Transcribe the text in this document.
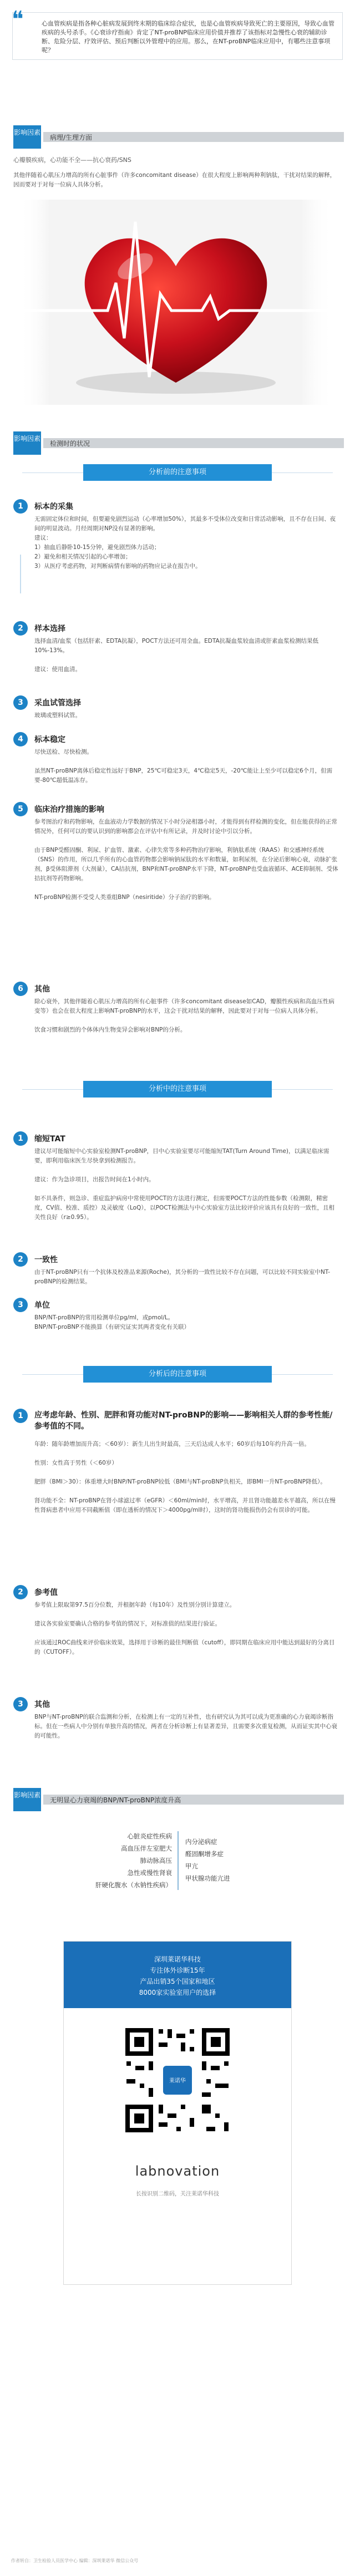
❝	心血管疾病是指各种心脏病发展到终末期的临床综合症状，也是心血管疾病导致死亡的主要原因，导致心血管疾病的头号杀手。《心衰诊疗指南》肯定了NT-proBNP临床应用价值并推荐了该指标对急慢性心衰的辅助诊断、危险分层、疗效评估、预后判断以外管理中的应用。那么，在NT-proBNP临床应用中，有哪些注意事项呢？
影响因素
病理/生理方面
心瓣膜疾病，心功能不全——抗心衰药/SNS
其他伴随着心肌压力增高的所有心脏事件（许多concomitant disease）在很大程度上影响两种利钠肽，干扰对结果的解释，因而要对于对每一位病人具体分析。
影响因素
检测时的状况
分析前的注意事项
1	标本的采集
无需固定体位和时间，但要避免剧烈运动（心率增加50%），其最多不受体位改变和日常活动影响，且不存在日间、夜间的明显波动。月经周期对NP没有显著的影响。
建议：
1）抽血后静卧10-15分钟，避免剧烈体力活动；
2）避免和相关情况引起的心率增加；
3）从医疗考虑药物，对判断病情有影响的药物应记录在报告中。
2	样本选择
选择血清/血浆（包括肝素、EDTA抗凝），POCT方法还可用全血。EDTA抗凝血浆较血清或肝素血浆检测结果低10%-13%。

建议：使用血清。
3	采血试管选择
玻璃或塑料试管。
4	标本稳定
尽快送检、尽快检测。

虽然NT-proBNP离体后稳定性远好于BNP，25℃可稳定3天，4℃稳定5天，-20℃能让上至少可以稳定6个月，但需要-80℃超低温冻存。
5	临床治疗措施的影响
参考图治疗和药物影响，在血液动力学数据的情况下小时分泌相器小时，才能得到有样检测的变化，但在能获得的正常情况外，任何可以的要认识到的影响都会在评估中有所记录，并及时讨论中引以分析。

由于BNP受醛固酮、利尿、扩血管、激素、心律失常等多种药物治疗影响，利钠肽系统（RAAS）和交感神经系统（SNS）的作用，所以几乎所有的心血管药物都会影响钠尿肽的水平和数量，如利尿剂，在分泌后影响心衰，动脉扩张剂，β受体阻滞剂（大剂量），CA拮抗剂，BNP和NT-proBNP水平下降，NT-proBNP也受血液循环、ACE抑制剂、受体拮抗剂等药物影响。

NT-proBNP检测不受受人类重组BNP（nesiritide）分子治疗的影响。
6	其他
除心衰外，其他伴随着心肌压力增高的所有心脏事件（许多concomitant disease如CAD，瓣膜性疾病和高血压性病变等）也会在很大程度上影响NT-proBNP的水平，这会干扰对结果的解释，因此要对于对每一位病人具体分析。

饮食习惯和剧烈的个体体内生物变异会影响对BNP的分析。
分析中的注意事项
1	缩短TAT
建议尽可能缩短中心实验室检测NT-proBNP，目中心实验室要尽可能缩短TAT(Turn Around Time)，以满足临床需要，即利用临床医生尽快拿到检测报告。

建议：作为急诊项目，出报告时间在1小时内。

如不具条件，则急诊、重症监护病房中常使用POCT的方法进行测定，但需要POCT方法的性能参数（检测限，精密度，CV值、校准、质控）及灵敏度（LoQ），以POCT检测法与中心实验室方法比较评价应该具有良好的一致性，且相关性良好（r≥0.95）。
2	一致性
由于NT-proBNP只有一个抗体及校准品来源(Roche)，其分析的一致性比较不存在问题，可以比较不同实验室中NT-proBNP的检测结果。
3	单位
BNP/NT-proBNP的常用检测单位pg/ml，或pmol/L。
BNP/NT-proBNP不能换算（有研究证实其两者变化有关联）
分析后的注意事项
1	应考虑年龄、性别、肥胖和肾功能对NT-proBNP的影响——影响相关人群的参考性能/参考值的不同。
年龄：随年龄增加而升高；＜60岁）：新生儿出生时最高，三天后达成人水平；60岁后每10年约升高一倍。

性别：女性高于男性（＜60岁）

肥胖（BMI＞30）：体重增大时BNP/NT-proBNP较低（BMI与NT-proBNP负相关，即BMI一升NT-proBNP降低）。

肾功能不全：NT-proBNP在肾小球滤过率（eGFR）＜60ml/min时，水平增高，并且肾功能越差水平越高，所以在慢性肾病患者中应用不同截断值（即在透析的情况下＞4000pg/ml时），这时的肾功能损伤仍会有误诊的可能。
2	参考值
参考值上限取第97.5百分位数，并根据年龄（每10年）及性别分别计算建立。

建议各实验室要确认合格的参考值的情况下，对标准值的结果进行验证。

应该通过ROC曲线来评价临床效果，选择用于诊断的最佳判断值（cutoff），即同期在临床应用中能达到最好的分离目的（CUTOFF）。
3	其他
BNP与NT-proBNP的联合监测和分析，在检测上有一定的互补性，也有研究认为其可以成为更准确的心力衰竭诊断指标。但在一些病人中分别有单独升高的情况，两者在分析诊断上有显著差异，且需要多次重复检测，从而证实其中心衰的可能性。
影响因素
无明显心力衰竭的BNP/NT-proBNP浓度升高
心脏炎症性疾病
高血压伴左室肥大
肺动脉高压
急性或慢性肾衰
肝硬化腹水（水钠性疾病）
内分泌病症
醛固酮增多症
甲亢
甲状腺功能亢进
深圳莱诺华科技
专注体外诊断15年
产品出销35个国家和地区
8000家实验室用户的选择
莱诺华
labnovation
长按识别二维码，关注莱诺华科技
作者转自：卫生检验人员医学中心 编辑：深圳莱诺华 微信公众号
